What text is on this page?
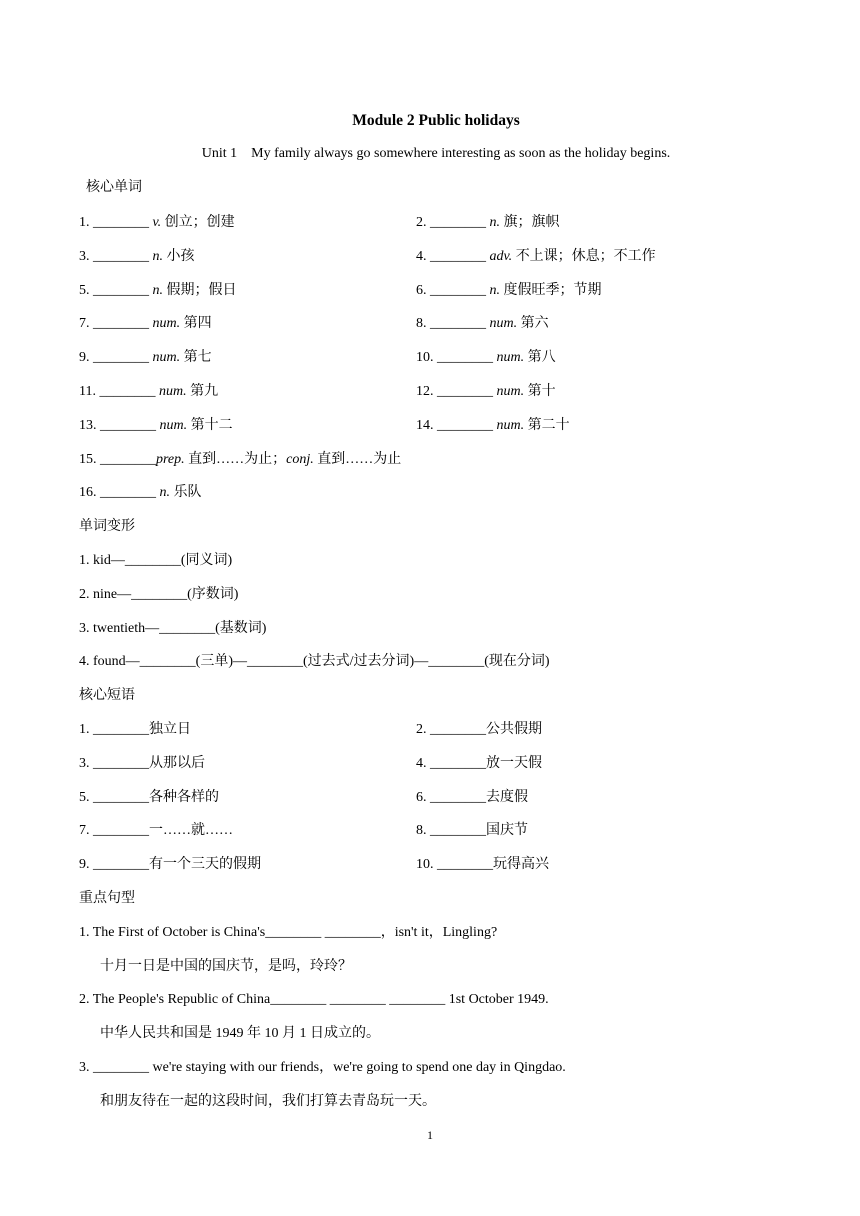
Module 2 Public holidays
Unit 1    My family always go somewhere interesting as soon as the holiday begins.
核心单词
1. ________ v. 创立；创建	2. ________ n. 旗；旗帜
3. ________ n. 小孩	4. ________ adv. 不上课；休息；不工作
5. ________ n. 假期；假日	6. ________ n. 度假旺季；节期
7. ________ num. 第四	8. ________ num. 第六
9. ________ num. 第七	10. ________ num. 第八
11. ________ num. 第九	12. ________ num. 第十
13. ________ num. 第十二	14. ________ num. 第二十
15. ________prep. 直到……为止；conj. 直到……为止
16. ________ n. 乐队
单词变形
1. kid—________(同义词)
2. nine—________(序数词)
3. twentieth—________(基数词)
4. found—________(三单)—________(过去式/过去分词)—________(现在分词)
核心短语
1. ________独立日	2. ________公共假期
3. ________从那以后	4. ________放一天假
5. ________各种各样的	6. ________去度假
7. ________一……就……	8. ________国庆节
9. ________有一个三天的假期	10. ________玩得高兴
重点句型
1. The First of October is China's________ ________，isn't it，Lingling?
十月一日是中国的国庆节，是吗，玲玲？
2. The People's Republic of China________ ________ ________ 1st October 1949.
中华人民共和国是 1949 年 10 月 1 日成立的。
3. ________ we're staying with our friends，we're going to spend one day in Qingdao.
和朋友待在一起的这段时间，我们打算去青岛玩一天。
1
